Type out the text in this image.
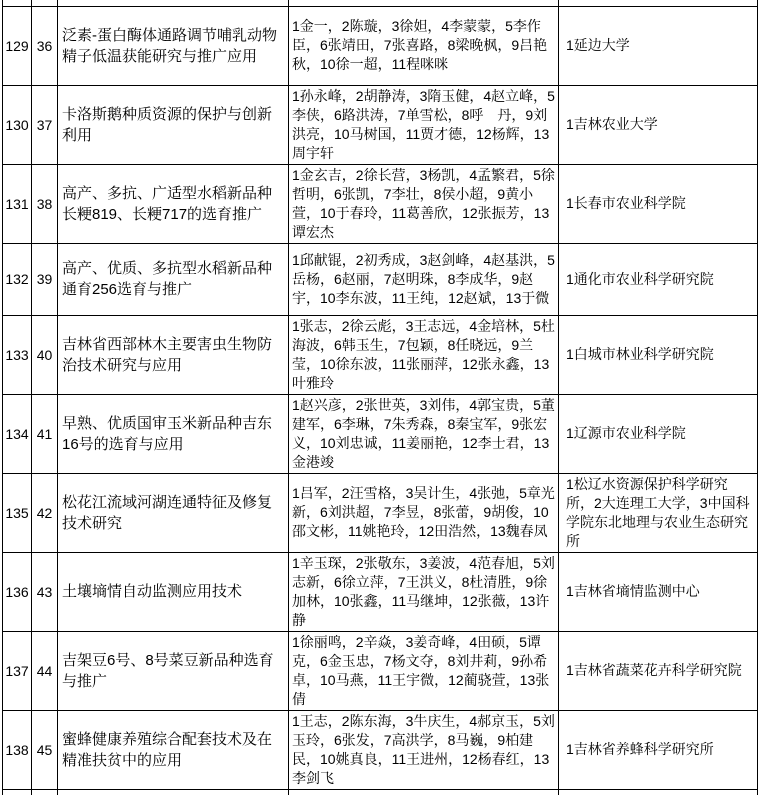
129	36	泛素-蛋白酶体通路调节哺乳动物精子低温获能研究与推广应用	1金一，2陈璇，3徐妲，4李蒙蒙，5李作臣，6张靖田，7张喜路，8梁晚枫，9吕艳秋，10徐一超，11程咪咪	1延边大学
130	37	卡洛斯鹅种质资源的保护与创新利用	1孙永峰，2胡静涛，3隋玉健，4赵立峰，5李侠，6路洪涛，7单雪松，8呼　丹，9刘洪亮，10马树国，11贾才德，12杨辉，13周宇轩	1吉林农业大学
131	38	高产、多抗、广适型水稻新品种长粳819、长粳717的选育推广	1金玄吉，2徐长营，3杨凯，4孟繁君，5徐哲明，6张凯，7李壮，8侯小超，9黄小萱，10于春玲，11葛善欣，12张振芳，13谭宏杰	1长春市农业科学院
132	39	高产、优质、多抗型水稻新品种通育256选育与推广	1邱献锟，2初秀成，3赵剑峰，4赵基洪，5岳杨，6赵丽，7赵明珠，8李成华，9赵宇，10李东波，11王纯，12赵斌，13于微	1通化市农业科学研究院
133	40	吉林省西部林木主要害虫生物防治技术研究与应用	1张志，2徐云彪，3王志远，4金培林，5杜海波，6韩玉生，7包颖，8任晓远，9兰莹，10徐东波，11张丽萍，12张永鑫，13叶雅玲	1白城市林业科学研究院
134	41	早熟、优质国审玉米新品种吉东16号的选育与应用	1赵兴彦，2张世英，3刘伟，4郭宝贵，5董建军，6李琳，7朱秀森，8秦宝军，9张宏义，10刘忠诚，11姜丽艳，12李士君，13金港竣	1辽源市农业科学院
135	42	松花江流域河湖连通特征及修复技术研究	1吕军，2汪雪格，3吴计生，4张弛，5章光新，6刘洪超，7李昱，8张蕾，9胡俊，10邵文彬，11姚艳玲，12田浩然，13魏春凤	1松辽水资源保护科学研究所，2大连理工大学，3中国科学院东北地理与农业生态研究所
136	43	土壤墒情自动监测应用技术	1辛玉琛，2张敬东，3姜波，4范春旭，5刘志新，6徐立萍，7王洪义，8杜清胜，9徐加林，10张鑫，11马继坤，12张薇，13许静	1吉林省墒情监测中心
137	44	吉架豆6号、8号菜豆新品种选育与推广	1徐丽鸣，2辛焱，3姜奇峰，4田硕，5谭克，6金玉忠，7杨文夺，8刘井莉，9孙希卓，10马燕，11王宇微，12蔺骁萱，13张倩	1吉林省蔬菜花卉科学研究院
138	45	蜜蜂健康养殖综合配套技术及在精准扶贫中的应用	1王志，2陈东海，3牛庆生，4郝京玉，5刘玉玲，6张发，7高洪学，8马巍，9柏建民，10姚真良，11王进州，12杨春红，13李剑飞	1吉林省养蜂科学研究所
